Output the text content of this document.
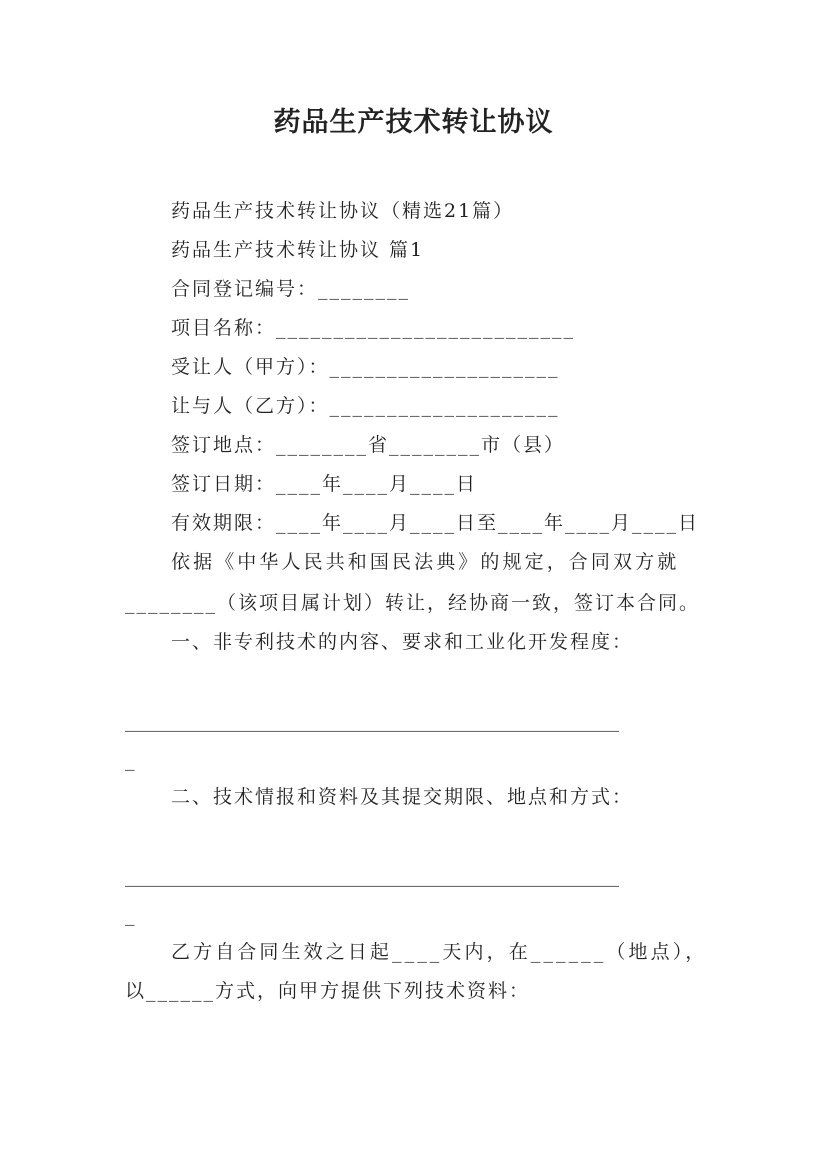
药品生产技术转让协议

药品生产技术转让协议（精选21篇）

药品生产技术转让协议 篇1

合同登记编号：________

项目名称：__________________________

受让人（甲方）：____________________

让与人（乙方）：____________________

签订地点：________省________市（县）

签订日期：____年____月____日

有效期限：____年____月____日至____年____月____日

依据《中华人民共和国民法典》的规定，合同双方就

________（该项目属计划）转让，经协商一致，签订本合同。

一、非专利技术的内容、要求和工业化开发程度：

____________________________________________________

_

二、技术情报和资料及其提交期限、地点和方式：

____________________________________________________

_

乙方自合同生效之日起____天内，在______（地点），

以______方式，向甲方提供下列技术资料：
